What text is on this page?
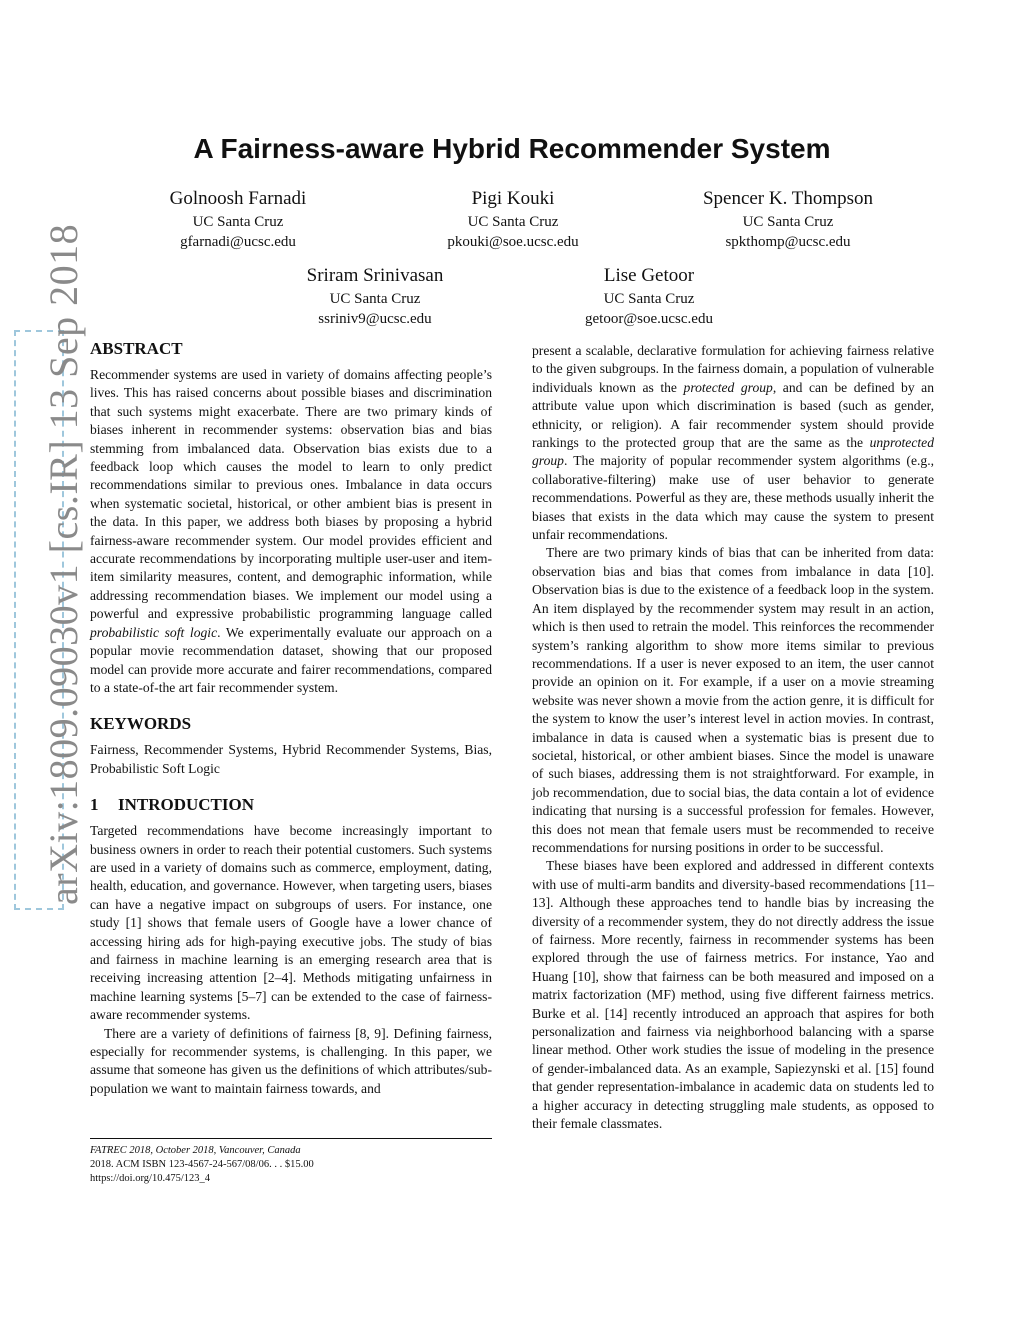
arXiv:1809.09030v1 [cs.IR] 13 Sep 2018
A Fairness-aware Hybrid Recommender System
Golnoosh Farnadi
UC Santa Cruz
gfarnadi@ucsc.edu
Pigi Kouki
UC Santa Cruz
pkouki@soe.ucsc.edu
Spencer K. Thompson
UC Santa Cruz
spkthomp@ucsc.edu
Sriram Srinivasan
UC Santa Cruz
ssriniv9@ucsc.edu
Lise Getoor
UC Santa Cruz
getoor@soe.ucsc.edu
ABSTRACT

Recommender systems are used in variety of domains affecting people’s lives. This has raised concerns about possible biases and discrimination that such systems might exacerbate. There are two primary kinds of biases inherent in recommender systems: observation bias and bias stemming from imbalanced data. Observation bias exists due to a feedback loop which causes the model to learn to only predict recommendations similar to previous ones. Imbalance in data occurs when systematic societal, historical, or other ambient bias is present in the data. In this paper, we address both biases by proposing a hybrid fairness-aware recommender system. Our model provides efficient and accurate recommendations by incorporating multiple user-user and item-item similarity measures, content, and demographic information, while addressing recommendation biases. We implement our model using a powerful and expressive probabilistic programming language called probabilistic soft logic. We experimentally evaluate our approach on a popular movie recommendation dataset, showing that our proposed model can provide more accurate and fairer recommendations, compared to a state-of-the art fair recommender system.

KEYWORDS

Fairness, Recommender Systems, Hybrid Recommender Systems, Bias, Probabilistic Soft Logic

1 INTRODUCTION

Targeted recommendations have become increasingly important to business owners in order to reach their potential customers. Such systems are used in a variety of domains such as commerce, employment, dating, health, education, and governance. However, when targeting users, biases can have a negative impact on subgroups of users. For instance, one study [1] shows that female users of Google have a lower chance of accessing hiring ads for high-paying executive jobs. The study of bias and fairness in machine learning is an emerging research area that is receiving increasing attention [2–4]. Methods mitigating unfairness in machine learning systems [5–7] can be extended to the case of fairness-aware recommender systems.

There are a variety of definitions of fairness [8, 9]. Defining fairness, especially for recommender systems, is challenging. In this paper, we assume that someone has given us the definitions of which attributes/sub-population we want to maintain fairness towards, and

present a scalable, declarative formulation for achieving fairness relative to the given subgroups. In the fairness domain, a population of vulnerable individuals known as the protected group, and can be defined by an attribute value upon which discrimination is based (such as gender, ethnicity, or religion). A fair recommender system should provide rankings to the protected group that are the same as the unprotected group. The majority of popular recommender system algorithms (e.g., collaborative-filtering) make use of user behavior to generate recommendations. Powerful as they are, these methods usually inherit the biases that exists in the data which may cause the system to present unfair recommendations.

There are two primary kinds of bias that can be inherited from data: observation bias and bias that comes from imbalance in data [10]. Observation bias is due to the existence of a feedback loop in the system. An item displayed by the recommender system may result in an action, which is then used to retrain the model. This reinforces the recommender system’s ranking algorithm to show more items similar to previous recommendations. If a user is never exposed to an item, the user cannot provide an opinion on it. For example, if a user on a movie streaming website was never shown a movie from the action genre, it is difficult for the system to know the user’s interest level in action movies. In contrast, imbalance in data is caused when a systematic bias is present due to societal, historical, or other ambient biases. Since the model is unaware of such biases, addressing them is not straightforward. For example, in job recommendation, due to social bias, the data contain a lot of evidence indicating that nursing is a successful profession for females. However, this does not mean that female users must be recommended to receive recommendations for nursing positions in order to be successful.

These biases have been explored and addressed in different contexts with use of multi-arm bandits and diversity-based recommendations [11–13]. Although these approaches tend to handle bias by increasing the diversity of a recommender system, they do not directly address the issue of fairness. More recently, fairness in recommender systems has been explored through the use of fairness metrics. For instance, Yao and Huang [10], show that fairness can be both measured and imposed on a matrix factorization (MF) method, using five different fairness metrics. Burke et al. [14] recently introduced an approach that aspires for both personalization and fairness via neighborhood balancing with a sparse linear method. Other work studies the issue of modeling in the presence of gender-imbalanced data. As an example, Sapiezynski et al. [15] found that gender representation-imbalance in academic data on students led to a higher accuracy in detecting struggling male students, as opposed to their female classmates.

FATREC 2018, October 2018, Vancouver, Canada
2018. ACM ISBN 123-4567-24-567/08/06. . . $15.00
https://doi.org/10.475/123_4
